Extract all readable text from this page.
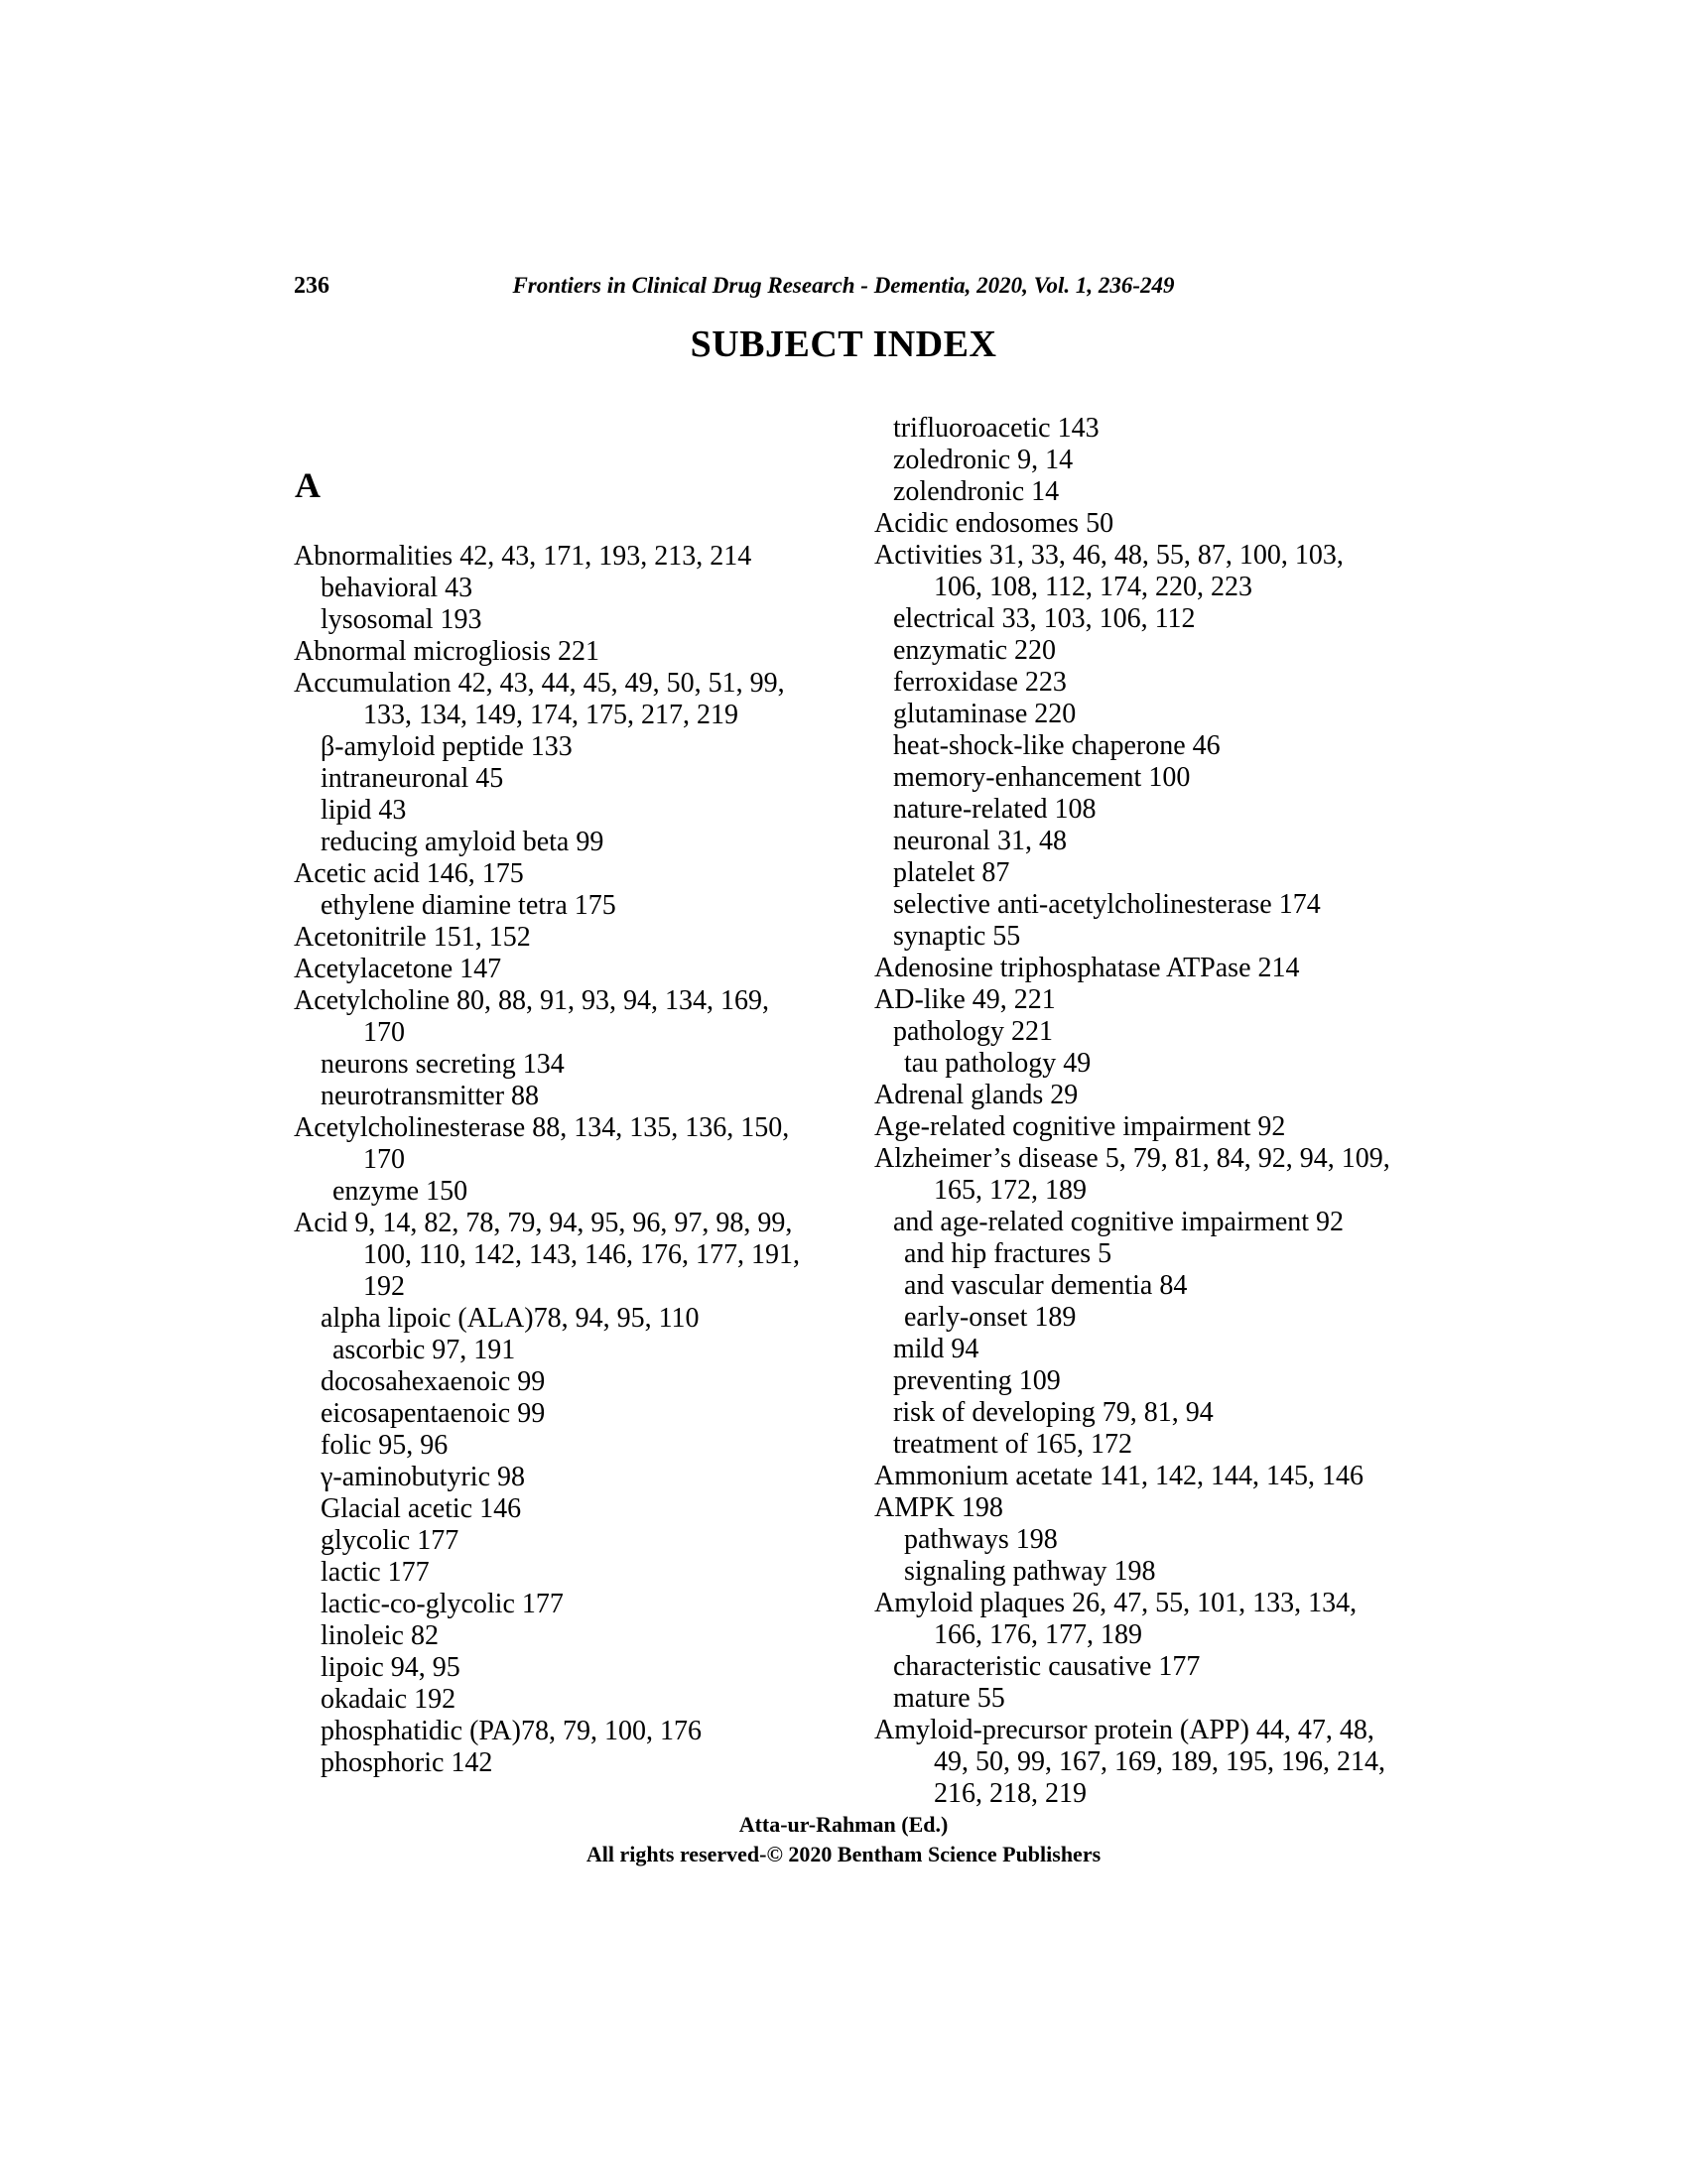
236	Frontiers in Clinical Drug Research - Dementia, 2020, Vol. 1, 236-249
SUBJECT INDEX
A
Abnormalities 42, 43, 171, 193, 213, 214
behavioral 43
lysosomal 193
Abnormal microgliosis 221
Accumulation 42, 43, 44, 45, 49, 50, 51, 99,
133, 134, 149, 174, 175, 217, 219
β-amyloid peptide 133
intraneuronal 45
lipid 43
reducing amyloid beta 99
Acetic acid 146, 175
ethylene diamine tetra 175
Acetonitrile 151, 152
Acetylacetone 147
Acetylcholine 80, 88, 91, 93, 94, 134, 169,
170
neurons secreting 134
neurotransmitter 88
Acetylcholinesterase 88, 134, 135, 136, 150,
170
enzyme 150
Acid 9, 14, 82, 78, 79, 94, 95, 96, 97, 98, 99,
100, 110, 142, 143, 146, 176, 177, 191,
192
alpha lipoic (ALA)78, 94, 95, 110
ascorbic 97, 191
docosahexaenoic 99
eicosapentaenoic 99
folic 95, 96
γ-aminobutyric 98
Glacial acetic 146
glycolic 177
lactic 177
lactic-co-glycolic 177
linoleic 82
lipoic 94, 95
okadaic 192
phosphatidic (PA)78, 79, 100, 176
phosphoric 142
trifluoroacetic 143
zoledronic 9, 14
zolendronic 14
Acidic endosomes 50
Activities 31, 33, 46, 48, 55, 87, 100, 103,
106, 108, 112, 174, 220, 223
electrical 33, 103, 106, 112
enzymatic 220
ferroxidase 223
glutaminase 220
heat-shock-like chaperone 46
memory-enhancement 100
nature-related 108
neuronal 31, 48
platelet 87
selective anti-acetylcholinesterase 174
synaptic 55
Adenosine triphosphatase ATPase 214
AD-like 49, 221
pathology 221
tau pathology 49
Adrenal glands 29
Age-related cognitive impairment 92
Alzheimer’s disease 5, 79, 81, 84, 92, 94, 109,
165, 172, 189
and age-related cognitive impairment 92
and hip fractures 5
and vascular dementia 84
early-onset 189
mild 94
preventing 109
risk of developing 79, 81, 94
treatment of 165, 172
Ammonium acetate 141, 142, 144, 145, 146
AMPK 198
pathways 198
signaling pathway 198
Amyloid plaques 26, 47, 55, 101, 133, 134,
166, 176, 177, 189
characteristic causative 177
mature 55
Amyloid-precursor protein (APP) 44, 47, 48,
49, 50, 99, 167, 169, 189, 195, 196, 214,
216, 218, 219
Atta-ur-Rahman (Ed.)
All rights reserved-© 2020 Bentham Science Publishers
